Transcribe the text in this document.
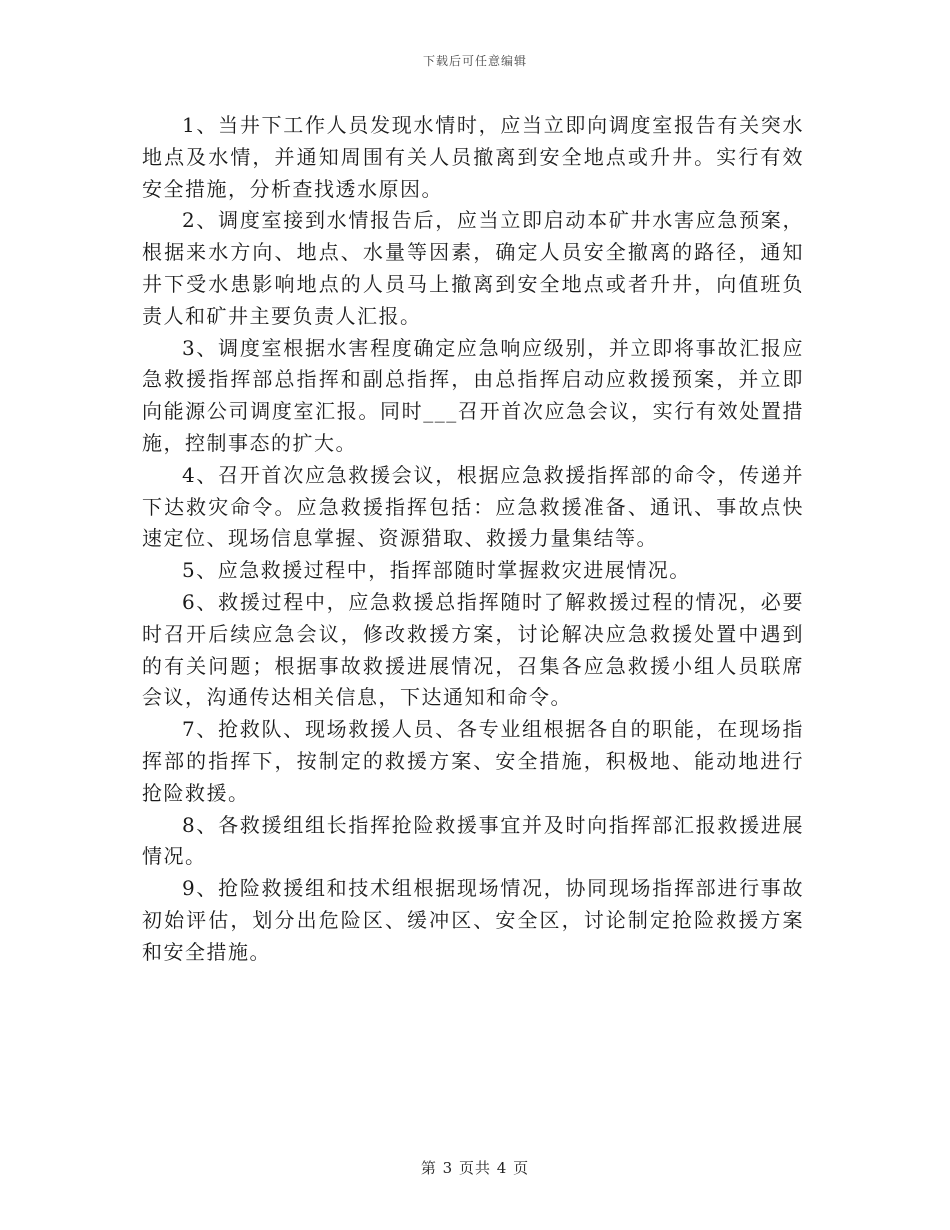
下载后可任意编辑

1、当井下工作人员发现水情时，应当立即向调度室报告有关突水地点及水情，并通知周围有关人员撤离到安全地点或升井。实行有效安全措施，分析查找透水原因。

2、调度室接到水情报告后，应当立即启动本矿井水害应急预案，根据来水方向、地点、水量等因素，确定人员安全撤离的路径，通知井下受水患影响地点的人员马上撤离到安全地点或者升井，向值班负责人和矿井主要负责人汇报。

3、调度室根据水害程度确定应急响应级别，并立即将事故汇报应急救援指挥部总指挥和副总指挥，由总指挥启动应救援预案，并立即向能源公司调度室汇报。同时___召开首次应急会议，实行有效处置措施，控制事态的扩大。

4、召开首次应急救援会议，根据应急救援指挥部的命令，传递并下达救灾命令。应急救援指挥包括：应急救援准备、通讯、事故点快速定位、现场信息掌握、资源猎取、救援力量集结等。

5、应急救援过程中，指挥部随时掌握救灾进展情况。

6、救援过程中，应急救援总指挥随时了解救援过程的情况，必要时召开后续应急会议，修改救援方案，讨论解决应急救援处置中遇到的有关问题；根据事故救援进展情况，召集各应急救援小组人员联席会议，沟通传达相关信息，下达通知和命令。

7、抢救队、现场救援人员、各专业组根据各自的职能，在现场指挥部的指挥下，按制定的救援方案、安全措施，积极地、能动地进行抢险救援。

8、各救援组组长指挥抢险救援事宜并及时向指挥部汇报救援进展情况。

9、抢险救援组和技术组根据现场情况，协同现场指挥部进行事故初始评估，划分出危险区、缓冲区、安全区，讨论制定抢险救援方案和安全措施。

第 3 页共 4 页
